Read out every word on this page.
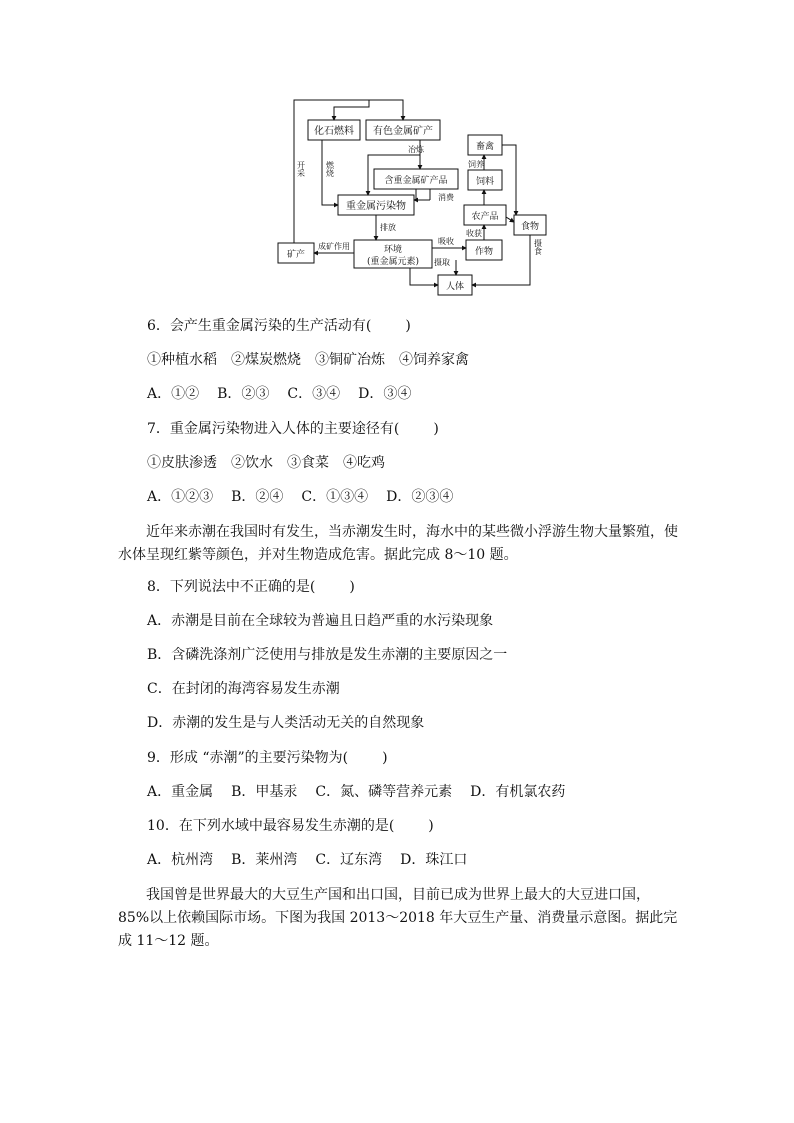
化石燃料 有色金属矿产
冶炼
含重金属矿产品
消费
重金属污染物
燃烧
开采
排放
矿产
成矿作用	环境
(重金属元素)
吸收
摄取
作物
收获
农产品
饲料
饲养
畜禽
食物
摄食
人体
6．会产生重金属污染的生产活动有( )
①种植水稻　②煤炭燃烧　③铜矿冶炼　④饲养家禽
A．①② B．②③ C．③④ D．③④
7．重金属污染物进入人体的主要途径有( )
①皮肤渗透　②饮水　③食菜　④吃鸡
A．①②③ B．②④ C．①③④ D．②③④
近年来赤潮在我国时有发生，当赤潮发生时，海水中的某些微小浮游生物大量繁殖，使水体呈现红紫等颜色，并对生物造成危害。据此完成 8～10 题。
8．下列说法中不正确的是( )
A．赤潮是目前在全球较为普遍且日趋严重的水污染现象
B．含磷洗涤剂广泛使用与排放是发生赤潮的主要原因之一
C．在封闭的海湾容易发生赤潮
D．赤潮的发生是与人类活动无关的自然现象
9．形成 “赤潮”的主要污染物为( )
A．重金属 B．甲基汞 C．氮、磷等营养元素 D．有机氯农药
10．在下列水域中最容易发生赤潮的是( )
A．杭州湾 B．莱州湾 C．辽东湾 D．珠江口
我国曾是世界最大的大豆生产国和出口国，目前已成为世界上最大的大豆进口国，85%以上依赖国际市场。下图为我国 2013～2018 年大豆生产量、消费量示意图。据此完成 11～12 题。
